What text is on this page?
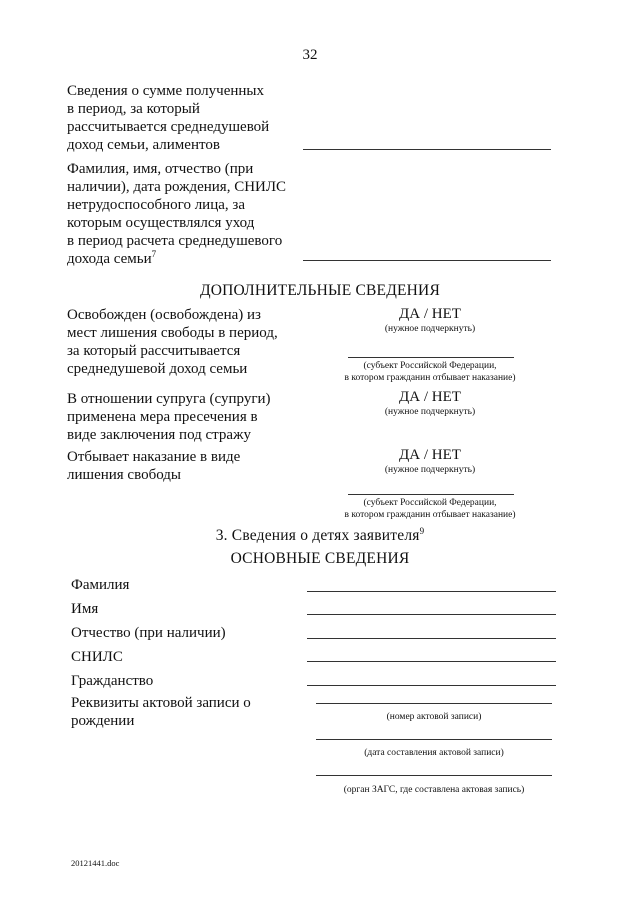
32
Сведения о сумме полученных
в период, за который
рассчитывается среднедушевой
доход семьи, алиментов
Фамилия, имя, отчество (при
наличии), дата рождения, СНИЛС
нетрудоспособного лица, за
которым осуществлялся уход
в период расчета среднедушевого
дохода семьи$^7$
ДОПОЛНИТЕЛЬНЫЕ СВЕДЕНИЯ
Освобожден (освобождена) из
мест лишения свободы в период,
за который рассчитывается
среднедушевой доход семьи
ДА / НЕТ
(нужное подчеркнуть)
(субъект Российской Федерации,
в котором гражданин отбывает наказание)
В отношении супруга (супруги)
применена мера пресечения в
виде заключения под стражу
ДА / НЕТ
(нужное подчеркнуть)
Отбывает наказание в виде
лишения свободы
ДА / НЕТ
(нужное подчеркнуть)
(субъект Российской Федерации,
в котором гражданин отбывает наказание)
3. Сведения о детях заявителя$^9$
ОСНОВНЫЕ СВЕДЕНИЯ
Фамилия
Имя
Отчество (при наличии)
СНИЛС
Гражданство
Реквизиты актовой записи о
рождении	(номер актовой записи)
(дата составления актовой записи)
(орган ЗАГС, где составлена актовая запись)
20121441.doc
